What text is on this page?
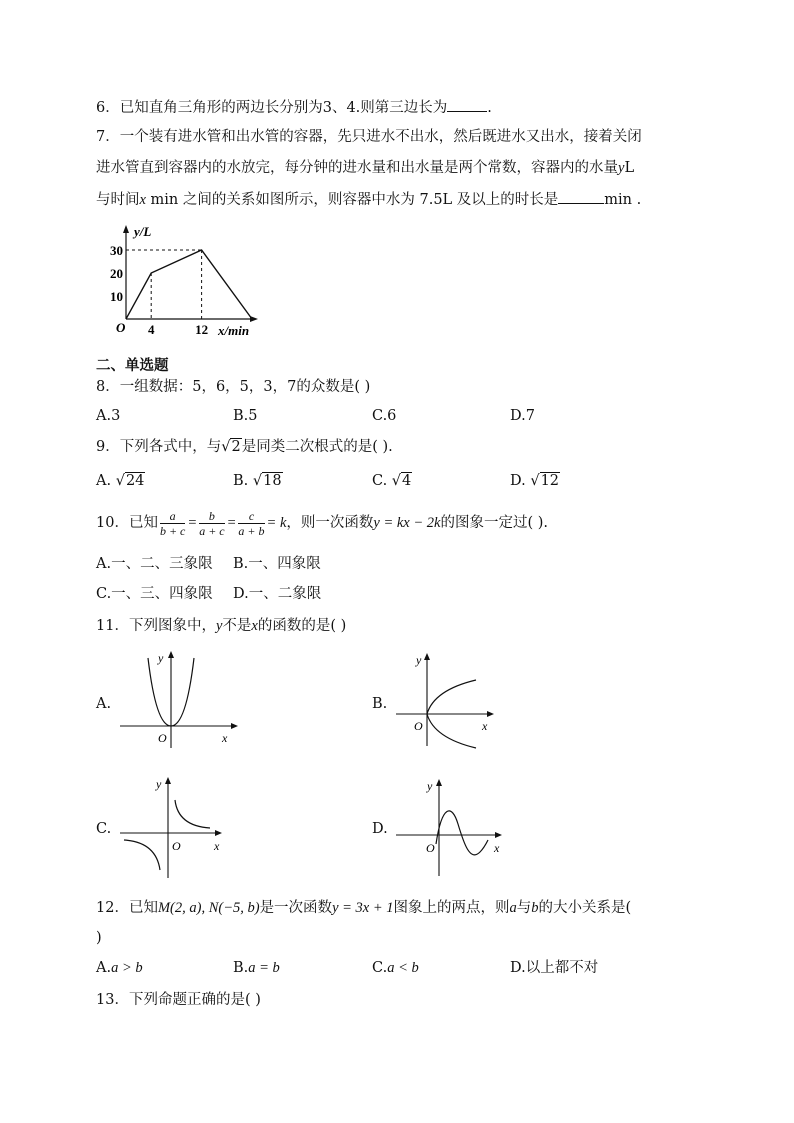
6．已知直角三角形的两边长分别为3、4.则第三边长为	.
7．一个装有进水管和出水管的容器，先只进水不出水，然后既进水又出水，接着关闭
进水管直到容器内的水放完，每分钟的进水量和出水量是两个常数，容器内的水量yL
与时间x min 之间的关系如图所示，则容器中水为 7.5L 及以上的时长是	min .
10
20
30
4	12
y/L
x/min
O
二、单选题
8．一组数据：5，6，5，3，7的众数是( )
A.3	B.5	C.6	D.7
9．下列各式中，与√2是同类二次根式的是( ).
A. √24	B. √18	C. √4	D. √12
10．已知 $\frac{a}{b + c} = \frac{b}{a + c} = \frac{c}{a + b} = k$，则一次函数y = kx − 2k的图象一定过( ).
A.一、二、三象限 B.一、四象限
C.一、三、四象限 D.一、二象限
11．下列图象中，y不是x的函数的是( )
A.
O	x
y
B.
O	x
y
C.
O	x
y
D.
O	x
y
12．已知M(2, a), N(−5, b)是一次函数y = 3x + 1图象上的两点，则a与b的大小关系是(
)
A.a > b	B.a = b	C.a < b	D.以上都不对
13．下列命题正确的是( )
